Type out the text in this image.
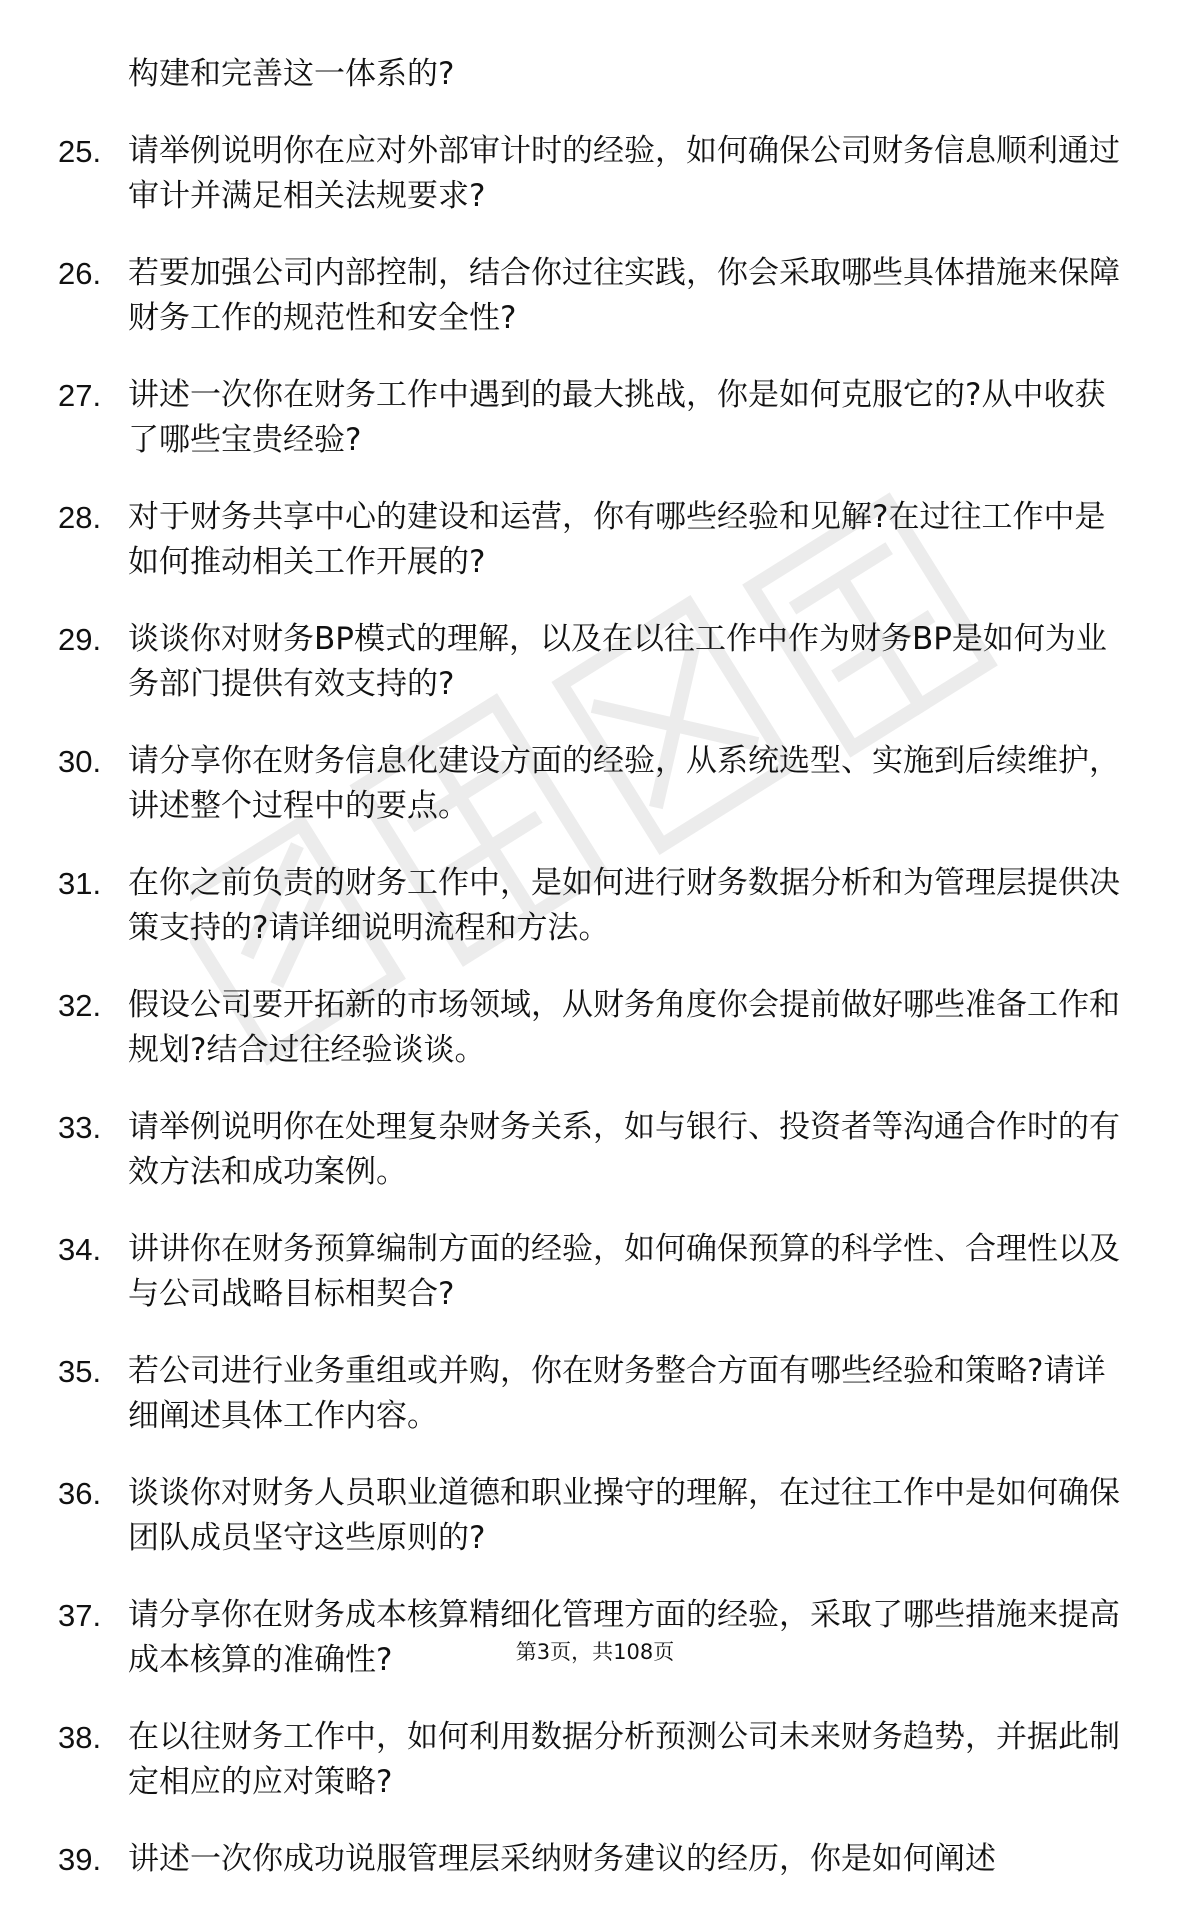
构建和完善这一体系的?
25. 请举例说明你在应对外部审计时的经验，如何确保公司财务信息顺利通过审计并满足相关法规要求?
26. 若要加强公司内部控制，结合你过往实践，你会采取哪些具体措施来保障财务工作的规范性和安全性?
27. 讲述一次你在财务工作中遇到的最大挑战，你是如何克服它的?从中收获了哪些宝贵经验?
28. 对于财务共享中心的建设和运营，你有哪些经验和见解?在过往工作中是如何推动相关工作开展的?
29. 谈谈你对财务BP模式的理解，以及在以往工作中作为财务BP是如何为业务部门提供有效支持的?
30. 请分享你在财务信息化建设方面的经验，从系统选型、实施到后续维护，讲述整个过程中的要点。
31. 在你之前负责的财务工作中，是如何进行财务数据分析和为管理层提供决策支持的?请详细说明流程和方法。
32. 假设公司要开拓新的市场领域，从财务角度你会提前做好哪些准备工作和规划?结合过往经验谈谈。
33. 请举例说明你在处理复杂财务关系，如与银行、投资者等沟通合作时的有效方法和成功案例。
34. 讲讲你在财务预算编制方面的经验，如何确保预算的科学性、合理性以及与公司战略目标相契合?
35. 若公司进行业务重组或并购，你在财务整合方面有哪些经验和策略?请详细阐述具体工作内容。
36. 谈谈你对财务人员职业道德和职业操守的理解，在过往工作中是如何确保团队成员坚守这些原则的?
37. 请分享你在财务成本核算精细化管理方面的经验，采取了哪些措施来提高成本核算的准确性?
38. 在以往财务工作中，如何利用数据分析预测公司未来财务趋势，并据此制定相应的应对策略?
39. 讲述一次你成功说服管理层采纳财务建议的经历，你是如何阐述
第3页，共108页
